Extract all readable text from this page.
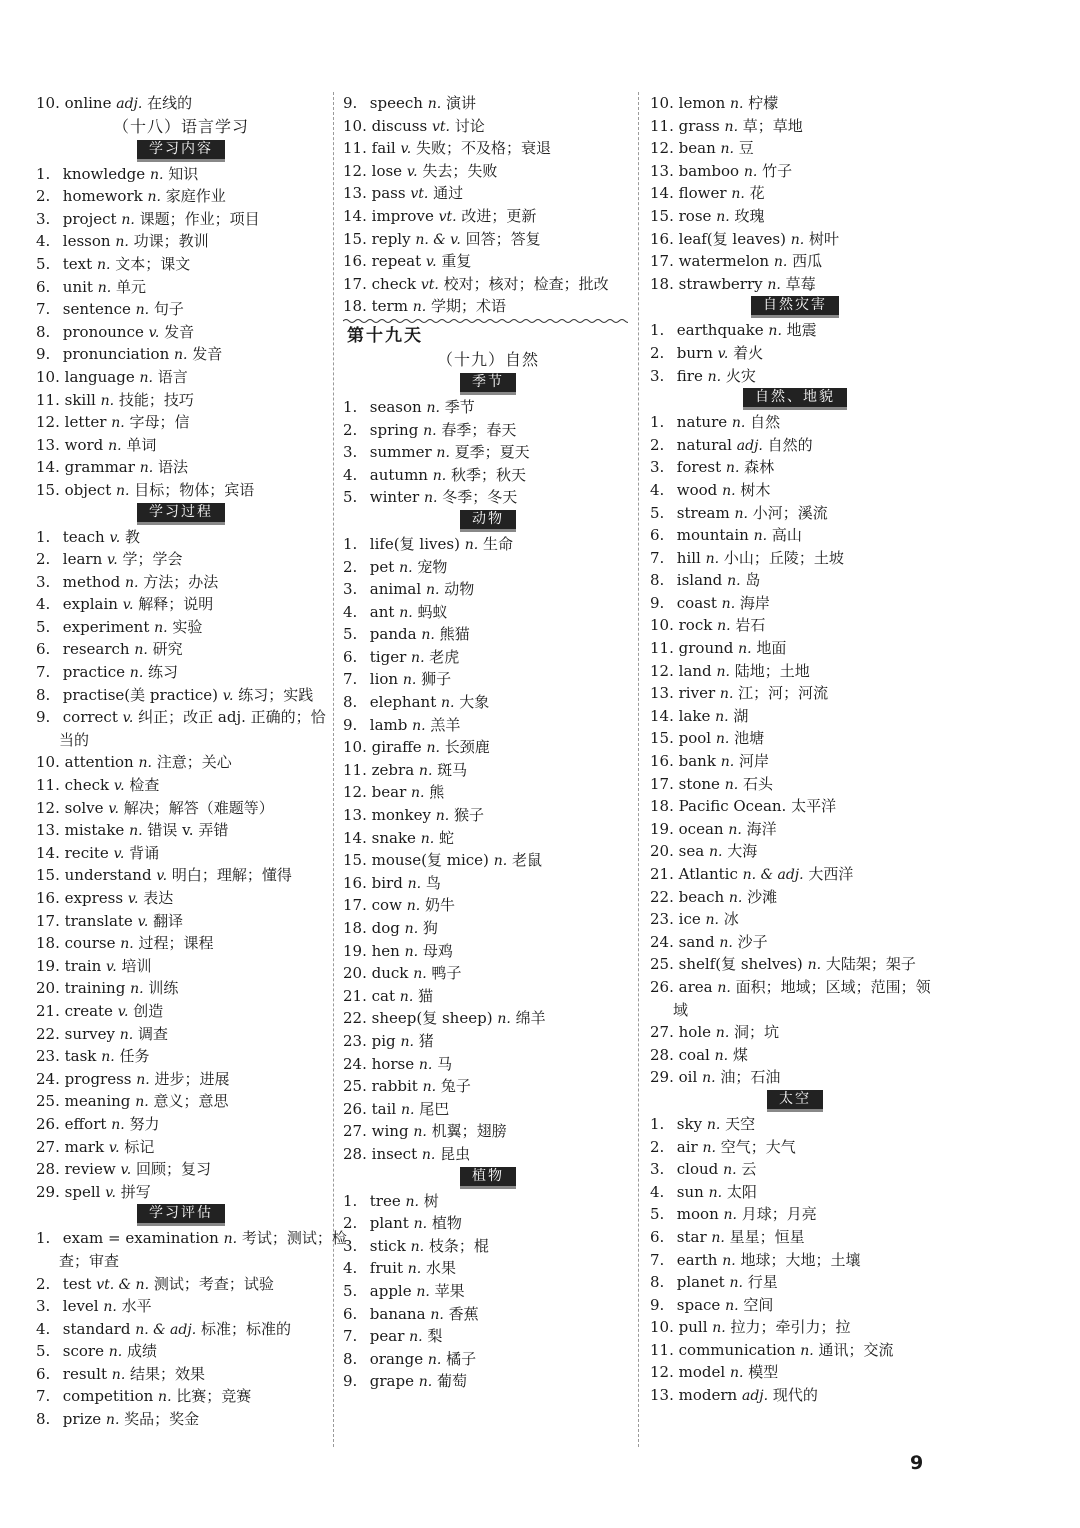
10. online adj. 在线的
（十八）语言学习
学习内容
1. knowledge n. 知识
2. homework n. 家庭作业
3. project n. 课题；作业；项目
4. lesson n. 功课；教训
5. text n. 文本；课文
6. unit n. 单元
7. sentence n. 句子
8. pronounce v. 发音
9. pronunciation n. 发音
10. language n. 语言
11. skill n. 技能；技巧
12. letter n. 字母；信
13. word n. 单词
14. grammar n. 语法
15. object n. 目标；物体；宾语
学习过程
1. teach v. 教
2. learn v. 学；学会
3. method n. 方法；办法
4. explain v. 解释；说明
5. experiment n. 实验
6. research n. 研究
7. practice n. 练习
8. practise(美 practice) v. 练习；实践
9. correct v. 纠正；改正 adj. 正确的；恰
当的
10. attention n. 注意；关心
11. check v. 检查
12. solve v. 解决；解答（难题等）
13. mistake n. 错误 v. 弄错
14. recite v. 背诵
15. understand v. 明白；理解；懂得
16. express v. 表达
17. translate v. 翻译
18. course n. 过程；课程
19. train v. 培训
20. training n. 训练
21. create v. 创造
22. survey n. 调查
23. task n. 任务
24. progress n. 进步；进展
25. meaning n. 意义；意思
26. effort n. 努力
27. mark v. 标记
28. review v. 回顾；复习
29. spell v. 拼写
学习评估
1. exam = examination n. 考试；测试；检
查；审查
2. test vt. & n. 测试；考查；试验
3. level n. 水平
4. standard n. & adj. 标准；标准的
5. score n. 成绩
6. result n. 结果；效果
7. competition n. 比赛；竞赛
8. prize n. 奖品；奖金
9. speech n. 演讲
10. discuss vt. 讨论
11. fail v. 失败；不及格；衰退
12. lose v. 失去；失败
13. pass vt. 通过
14. improve vt. 改进；更新
15. reply n. & v. 回答；答复
16. repeat v. 重复
17. check vt. 校对；核对；检查；批改
18. term n. 学期；术语
第十九天
（十九）自然
季节
1. season n. 季节
2. spring n. 春季；春天
3. summer n. 夏季；夏天
4. autumn n. 秋季；秋天
5. winter n. 冬季；冬天
动物
1. life(复 lives) n. 生命
2. pet n. 宠物
3. animal n. 动物
4. ant n. 蚂蚁
5. panda n. 熊猫
6. tiger n. 老虎
7. lion n. 狮子
8. elephant n. 大象
9. lamb n. 羔羊
10. giraffe n. 长颈鹿
11. zebra n. 斑马
12. bear n. 熊
13. monkey n. 猴子
14. snake n. 蛇
15. mouse(复 mice) n. 老鼠
16. bird n. 鸟
17. cow n. 奶牛
18. dog n. 狗
19. hen n. 母鸡
20. duck n. 鸭子
21. cat n. 猫
22. sheep(复 sheep) n. 绵羊
23. pig n. 猪
24. horse n. 马
25. rabbit n. 兔子
26. tail n. 尾巴
27. wing n. 机翼；翅膀
28. insect n. 昆虫
植物
1. tree n. 树
2. plant n. 植物
3. stick n. 枝条；棍
4. fruit n. 水果
5. apple n. 苹果
6. banana n. 香蕉
7. pear n. 梨
8. orange n. 橘子
9. grape n. 葡萄
10. lemon n. 柠檬
11. grass n. 草；草地
12. bean n. 豆
13. bamboo n. 竹子
14. flower n. 花
15. rose n. 玫瑰
16. leaf(复 leaves) n. 树叶
17. watermelon n. 西瓜
18. strawberry n. 草莓
自然灾害
1. earthquake n. 地震
2. burn v. 着火
3. fire n. 火灾
自然、地貌
1. nature n. 自然
2. natural adj. 自然的
3. forest n. 森林
4. wood n. 树木
5. stream n. 小河；溪流
6. mountain n. 高山
7. hill n. 小山；丘陵；土坡
8. island n. 岛
9. coast n. 海岸
10. rock n. 岩石
11. ground n. 地面
12. land n. 陆地；土地
13. river n. 江；河；河流
14. lake n. 湖
15. pool n. 池塘
16. bank n. 河岸
17. stone n. 石头
18. Pacific Ocean. 太平洋
19. ocean n. 海洋
20. sea n. 大海
21. Atlantic n. & adj. 大西洋
22. beach n. 沙滩
23. ice n. 冰
24. sand n. 沙子
25. shelf(复 shelves) n. 大陆架；架子
26. area n. 面积；地域；区域；范围；领
域
27. hole n. 洞；坑
28. coal n. 煤
29. oil n. 油；石油
太空
1. sky n. 天空
2. air n. 空气；大气
3. cloud n. 云
4. sun n. 太阳
5. moon n. 月球；月亮
6. star n. 星星；恒星
7. earth n. 地球；大地；土壤
8. planet n. 行星
9. space n. 空间
10. pull n. 拉力；牵引力；拉
11. communication n. 通讯；交流
12. model n. 模型
13. modern adj. 现代的
9
